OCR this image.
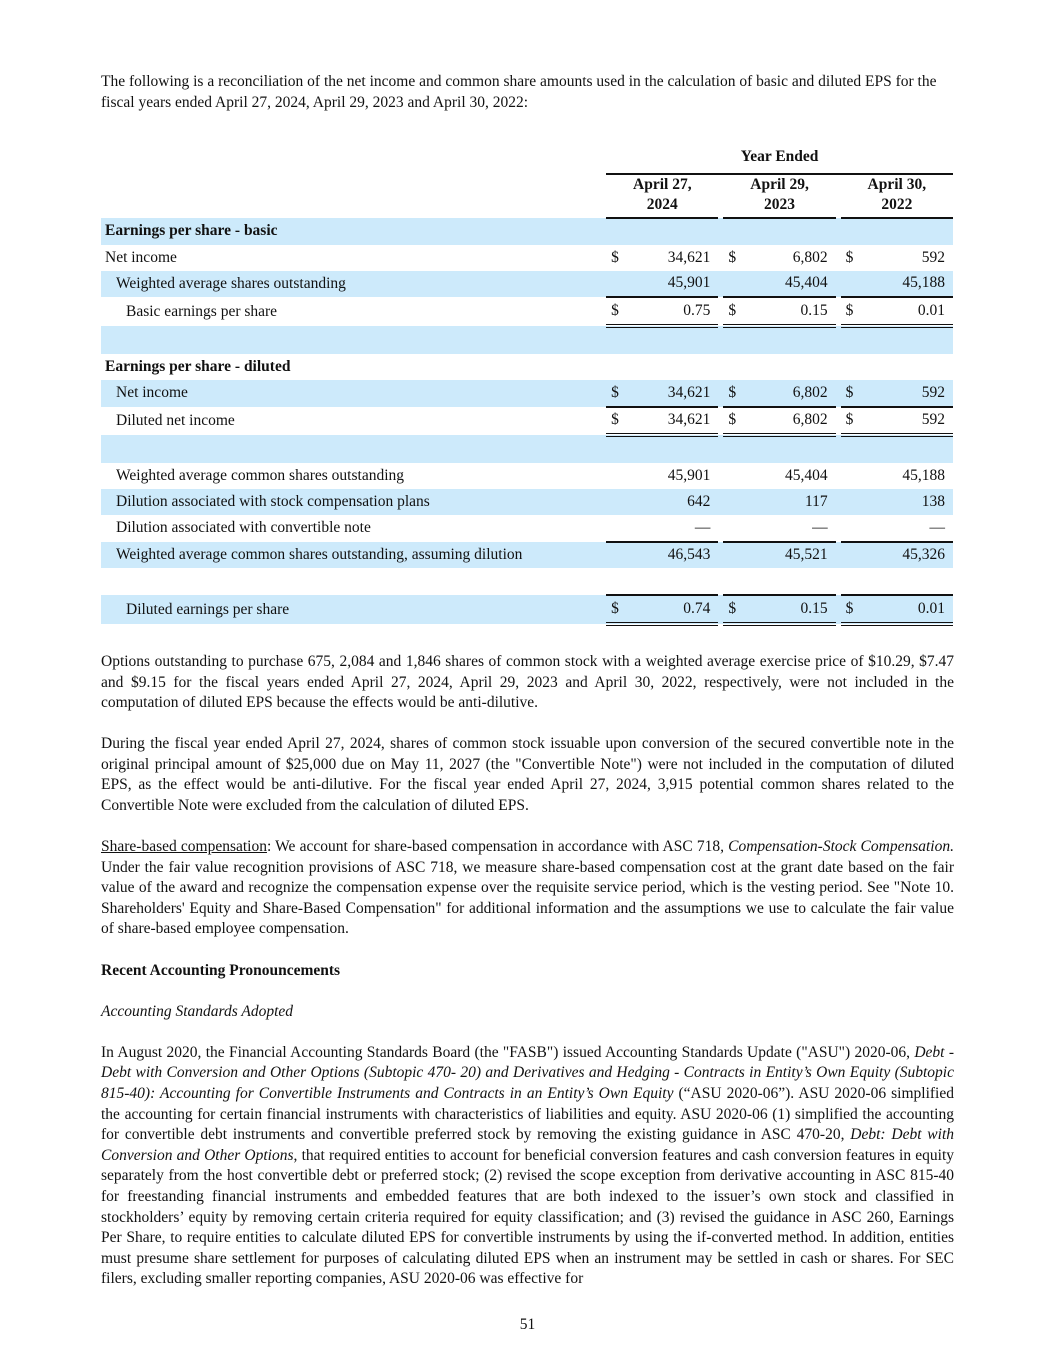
The following is a reconciliation of the net income and common share amounts used in the calculation of basic and diluted EPS for the fiscal years ended April 27, 2024, April 29, 2023 and April 30, 2022:

	Year Ended				
	April 27,
2024		April 29,
2023		April 30,
2022
Earnings per share - basic					
Net income	$ 34,621		$ 6,802		$ 592

Weighted average shares outstanding	45,901		45,404		45,188

Basic earnings per share	$ 0.75		$ 0.15		$ 0.01

Earnings per share - diluted					
Net income	$ 34,621		$ 6,802		$ 592

Diluted net income	$ 34,621		$ 6,802		$ 592

Weighted average common shares outstanding	45,901		45,404		45,188

Dilution associated with stock compensation plans	642		117		138

Dilution associated with convertible note	—		—		—

Weighted average common shares outstanding, assuming dilution	46,543		45,521		45,326

Diluted earnings per share	$ 0.74		$ 0.15		$ 0.01

Options outstanding to purchase 675, 2,084 and 1,846 shares of common stock with a weighted average exercise price of $10.29, $7.47 and $9.15 for the fiscal years ended April 27, 2024, April 29, 2023 and April 30, 2022, respectively, were not included in the computation of diluted EPS because the effects would be anti-dilutive.

During the fiscal year ended April 27, 2024, shares of common stock issuable upon conversion of the secured convertible note in the original principal amount of $25,000 due on May 11, 2027 (the "Convertible Note") were not included in the computation of diluted EPS, as the effect would be anti-dilutive. For the fiscal year ended April 27, 2024, 3,915 potential common shares related to the Convertible Note were excluded from the calculation of diluted EPS.

Share-based compensation: We account for share-based compensation in accordance with ASC 718, Compensation-Stock Compensation. Under the fair value recognition provisions of ASC 718, we measure share-based compensation cost at the grant date based on the fair value of the award and recognize the compensation expense over the requisite service period, which is the vesting period. See "Note 10. Shareholders' Equity and Share-Based Compensation" for additional information and the assumptions we use to calculate the fair value of share-based employee compensation.

Recent Accounting Pronouncements

Accounting Standards Adopted

In August 2020, the Financial Accounting Standards Board (the "FASB") issued Accounting Standards Update ("ASU") 2020-06, Debt - Debt with Conversion and Other Options (Subtopic 470- 20) and Derivatives and Hedging - Contracts in Entity’s Own Equity (Subtopic 815-40): Accounting for Convertible Instruments and Contracts in an Entity’s Own Equity (“ASU 2020-06”). ASU 2020-06 simplified the accounting for certain financial instruments with characteristics of liabilities and equity. ASU 2020-06 (1) simplified the accounting for convertible debt instruments and convertible preferred stock by removing the existing guidance in ASC 470-20, Debt: Debt with Conversion and Other Options, that required entities to account for beneficial conversion features and cash conversion features in equity separately from the host convertible debt or preferred stock; (2) revised the scope exception from derivative accounting in ASC 815-40 for freestanding financial instruments and embedded features that are both indexed to the issuer’s own stock and classified in stockholders’ equity by removing certain criteria required for equity classification; and (3) revised the guidance in ASC 260, Earnings Per Share, to require entities to calculate diluted EPS for convertible instruments by using the if-converted method. In addition, entities must presume share settlement for purposes of calculating diluted EPS when an instrument may be settled in cash or shares. For SEC filers, excluding smaller reporting companies, ASU 2020-06 was effective for

51
